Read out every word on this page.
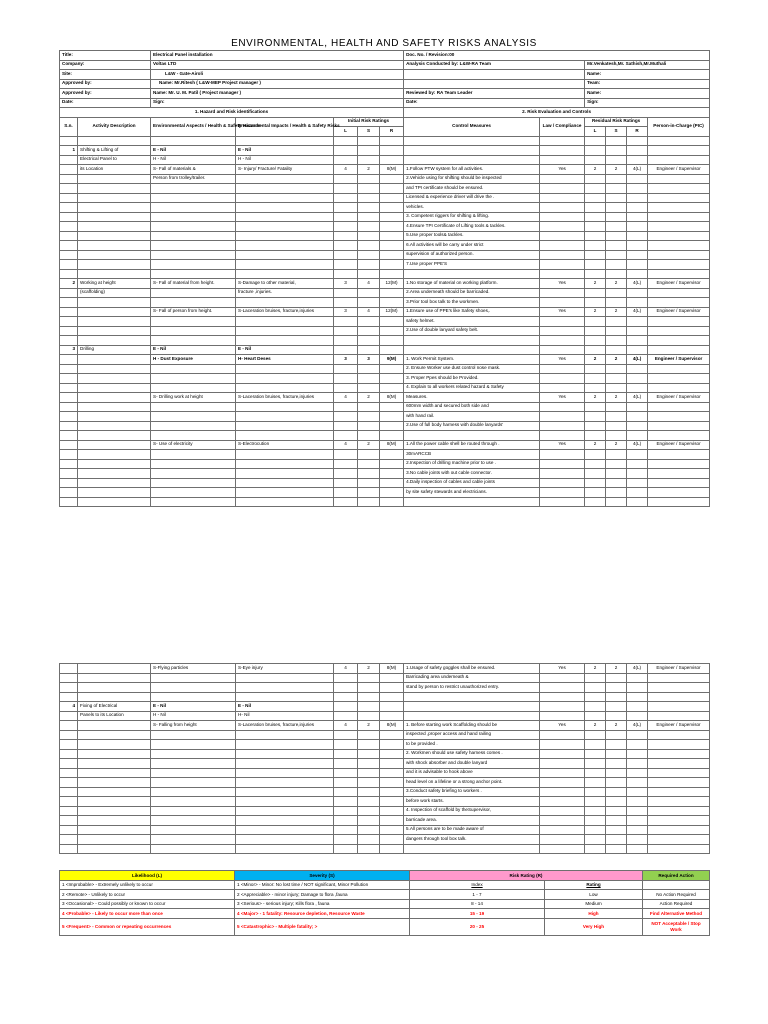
ENVIRONMENTAL, HEALTH AND SAFETY RISKS ANALYSIS
Title:		Electrical Panel installation					Doc. No. / Revision:00					
Company:		Voltas LTD					Analysis Conducted by: L&W-RA Team		Mr.Venkatesh,Mr. Sathish,Mr.Muthali			
Site:		L&W - Gate-Airoli							Name:			
Approved by:		Name: Mr.Ritesh ( L&W-MEP Project manager )							Team:			
Approved by:		Name: Mr. U. M. Patil ( Project manager )					Reviewed by: RA Team Leader		Name:			
Date:		Sign:					Date:		Sign:			
1. Hazard and Risk identifications							2. Risk Evaluation and Controls					
S.n.	Activity Description	Environmental Aspects / Health & Safety Hazards	Environmental Impacts / Health & Safety Risks	Initial Risk Ratings			Control Measures	Law / Compliance	Residual Risk Ratings			Person-in-Charge (PIC)
				L	S	R			L	S	R	

1	Shifting & Lifting of	E - Nil	E - Nil									
	Electrical Panel to	H - Nil	H - Nil									
	its Location	S- Fall of materials &	S- Injury/ Fracture/ Fatality	4	2	8(M)	1.Follow PTW system for all activities.	Yes	2	2	4(L)	Engineer / Supervisor
		Person from trolley/trailer.					2.Vehicle using for shifting should be inspected					
							and TPI certificate should be ensured.					
							Licensed & experience driver will drive the .					
							vehicles.					
							3. Competent riggers for shifting & lifting.					
							4.Ensure TPI Certificate of Lifting tools & tackles.					
							5.Use proper tools& tackles.					
							6.All activities will be carry under strict					
							supervision of authorized person.					
							7.Use proper PPE'S					

2	Working at height	S- Fall of material from height.	S-Damage to other material,	3	4	12(M)	1.No storage of material on working platform.	Yes	2	2	4(L)	Engineer / Supervisor
	(scaffolding)		fracture ,injuries.				2.Area underneath should be barricaded.					
							3.Prior tool box talk to the workmen.					
		S- Fall of person from height.	S-Laceration bruises, fracture,injuries	3	4	12(M)	1.Ensure use of PPE's like Safety shoes,.	Yes	2	2	4(L)	Engineer / Supervisor
							safety helmet.					
							2.Use of double lanyard safety belt.					

3	Drilling	E - Nil	E - Nil									
		H - Dust Exposure	H- Heart Deses	3	3	9(M)	1. Work Permit System.	Yes	2	2	4(L)	Engineer / Supervisor
							2. Ensure Worker use dust control nose mask.					
							3. Proper Ppes should be Provided.					
							4. Explain to all workers related hazard & Safety					
		S- Drilling work at height	S-Laceration bruises, fracture,injuries	4	2	8(M)	Measures.	Yes	2	2	4(L)	Engineer / Supervisor
							600mm width and secured both side and					
							with hand rail.					
							2.Use of full body harness with double lanyards'					

		S- Use of electricity	S-Electrocution	4	2	8(M)	1.All the power cable shell be routed through .	Yes	2	2	4(L)	Engineer / Supervisor
							30mARCCB					
							2.Inspection of drilling machine prior to use .					
							3.No cable joints with out cable connector.					
							4.Daily inspection of cables and cable joints					
							by site safety stewards and electricians.					

		S-Flying particles	S-Eye injury	4	2	8(M)	1.Usage of safety goggles shall be ensured.	Yes	2	2	4(L)	Engineer / Supervisor
							Barricading area underneath &					
							stand by person to restrict unauthorized entry.					

4	Fixing of Electrical	E - Nil	E - Nil									
	Panels to its Location	H - Nil	H- Nil									
		S- Falling from height	S-Laceration bruises, fracture,injuries	4	2	8(M)	1. Before starting work Scaffolding should be	Yes	2	2	4(L)	Engineer / Supervisor
							inspected ,proper access and hand railing					
							to be provided .					
							2. Workmen should use safety harness comes .					
							with shock absorber and double lanyard					
							and it is advisable to hook above					
							head level on a lifeline or a strong anchor point.					
							3.Conduct safety briefing to workers .					
							before work starts.					
							4. Inspection of scaffold by theSupervisor,					
							barricade area.					
							5.All persons are to be made aware of					
							dangers through tool box talk.					

Likelihood (L)	Severity (S)	Risk Rating (R)		Required Action
1 <Improbable> - Extremely unlikely to occur	1 <Minor> - Minor: No lost time / NOT significant, Minor Pollution	Index	Rating	
2 <Remote> - Unlikely to occur	2 <Appreciable> - minor injury; Damage to flora ,fauna	1 - 7	Low	No Action Required
3 <Occasional> - Could possibly or known to occur	3 <Serious> - serious injury; Kills flora , fauna	8 - 14	Medium	Action Required
4 <Probable> - Likely to occur more than once	4 <Major> - 1 fatality: Resource depletion, Resource Waste	15 - 19	High	Find Alternative Method
5 <Frequent> - Common or repeating occurrences	5 <Catastrophic> - Multiple fatality; >	20 - 25	Very High	NOT Acceptable / Stop Work
